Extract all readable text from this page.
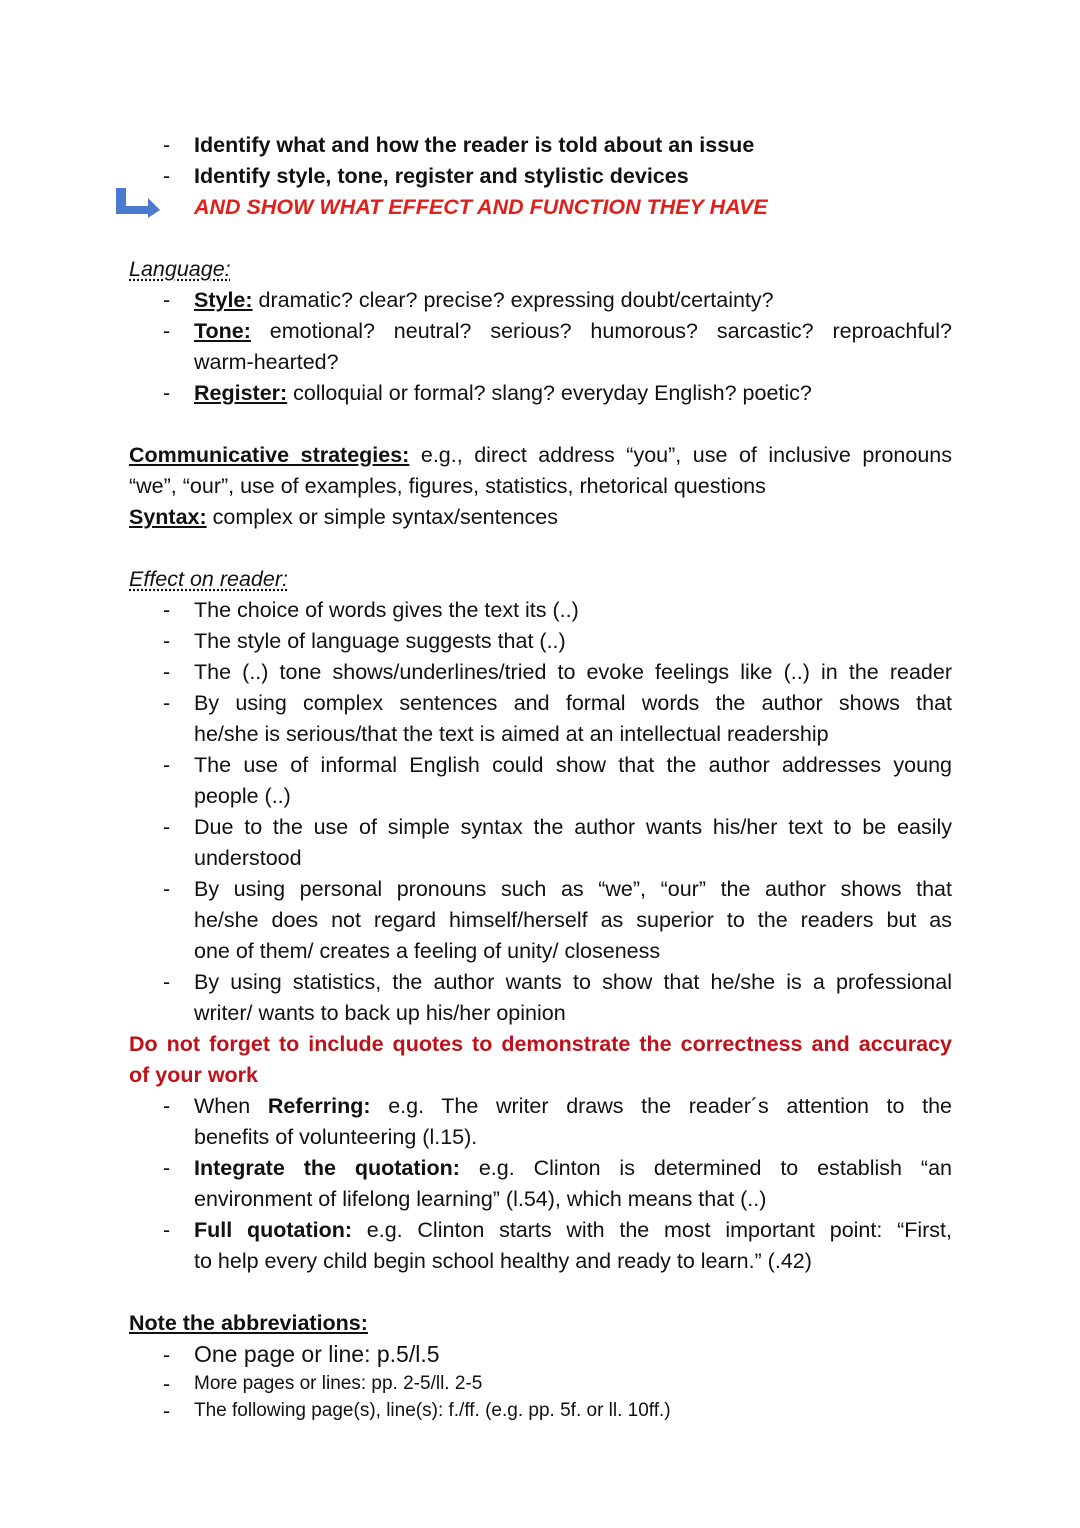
- Identify what and how the reader is told about an issue
- Identify style, tone, register and stylistic devices
AND SHOW WHAT EFFECT AND FUNCTION THEY HAVE
Language:
- Style: dramatic? clear? precise? expressing doubt/certainty?
- Tone: emotional? neutral? serious? humorous? sarcastic? reproachful?
warm-hearted?
- Register: colloquial or formal? slang? everyday English? poetic?
Communicative strategies: e.g., direct address “you”, use of inclusive pronouns
“we”, “our”, use of examples, figures, statistics, rhetorical questions
Syntax: complex or simple syntax/sentences
Effect on reader:
- The choice of words gives the text its (..)
- The style of language suggests that (..)
- The (..) tone shows/underlines/tried to evoke feelings like (..) in the reader
- By using complex sentences and formal words the author shows that
he/she is serious/that the text is aimed at an intellectual readership
- The use of informal English could show that the author addresses young
people (..)
- Due to the use of simple syntax the author wants his/her text to be easily
understood
- By using personal pronouns such as “we”, “our” the author shows that
he/she does not regard himself/herself as superior to the readers but as
one of them/ creates a feeling of unity/ closeness
- By using statistics, the author wants to show that he/she is a professional
writer/ wants to back up his/her opinion
Do not forget to include quotes to demonstrate the correctness and accuracy
of your work
- When Referring: e.g. The writer draws the reader´s attention to the
benefits of volunteering (l.15).
- Integrate the quotation: e.g. Clinton is determined to establish “an
environment of lifelong learning” (l.54), which means that (..)
- Full quotation: e.g. Clinton starts with the most important point: “First,
to help every child begin school healthy and ready to learn.” (.42)
Note the abbreviations:
- One page or line: p.5/l.5
- More pages or lines: pp. 2-5/ll. 2-5
- The following page(s), line(s): f./ff. (e.g. pp. 5f. or ll. 10ff.)
